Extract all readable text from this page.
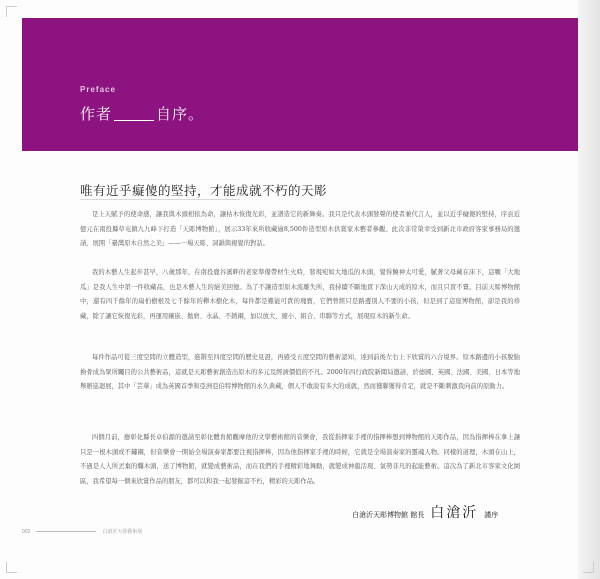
Preface
作者	自序。
唯有近乎癡傻的堅持，才能成就不朽的天彫

是上天賦予的使命感，讓我與木頭相依為命，讓枯木恢復光彩，並譜造它的新舞奏。我只是代表木頭發聲的使者兼代言人，並以近乎癡傻的堅持，序貢近億元在南投縣草屯鎮九九峰下打造「天彫博物館」，展示33年來所收藏逾8,500件造型原木供賞家木藝者參觀。此次非常榮幸受到新北市政府客家事務局的邀請，展開「臺灣原木自然之美」——一場天彫、詞韻與視覺的對話。

我的木藝人生起步甚早，八歲那年，在南投鹿谷溪畔的老家準備帶材生火時，發現宛如大地瓜的木頭，覺得饒神太可愛，膩著父母藏在床下，這顆「大地瓜」是我人生中第一件收藏品，也是木藝人生的絕美回憶。為了不讓造型原木流離失所，我持續不斷地買下深山天成的原木，而且只買不賣。目前天彫博物館中，還有四千餘年的扁柏樹根及七千餘年的櫸木樹化木，每件都是難能可貴的瑰寶，它們曾經只是路邊別人不要的小孩，但是到了這座博物館，卻是我的珍藏，除了讓它恢復光彩，再運用鑲嵌、拋磨、水晶、不銹鋼，加以放大、縮小、組合、串聯等方式，展現原木的新生命。

每件作品可從三度空間的立體造型，進階至四度空間的歷史見證，再感受五度空間的藝術認知，達到前後左右上下欣賞的六合境界。原本路邊的小孩脫胎換骨成為眾所矚目的公共藝術品，這就是天彫藝術創造出原木的多元及經濟價值的不凡。2000年四行政院新聞局邀請，於德國、英國、法國、美國、日本等地舉辦巡迴展，其中「芸華」成為英國首季和亞洲亞伯特博物館的永久典藏，個人不敢說有多大的成就，然而獲聯獲得肯定，就是不斷刺激我向前的原動力。

四個月前，應彰化縣長卓伯源的邀請至彰化體育館觀摩他的文學藝術館的音樂會，我從指揮家手裡的指揮棒想到博物館的天彫作品，因為指揮棒在拿上讓只是一根木頭或不鏽鋼，但音樂會一開始全場演奏家都要注視指揮棒，因為他指揮家手裡的時候，它就是全場演奏家的靈魂人物。同樣的道理，木頭在山上，不過是人人所丟棄的爛木頭，送了博物館，就變成藝術品，而在我們的手裡精彩地舞動，就變成神龍活現、氣勢非凡的起能藝術。這次為了新北市客家文化園區，我希望每一個來欣賞作品的朋友，都可以和我一起發掘這不朽，精彩的天彫作品。

白滄沂天彫博物館 館長 白滄沂 謹序
002	白滄沂天彫藝術展
